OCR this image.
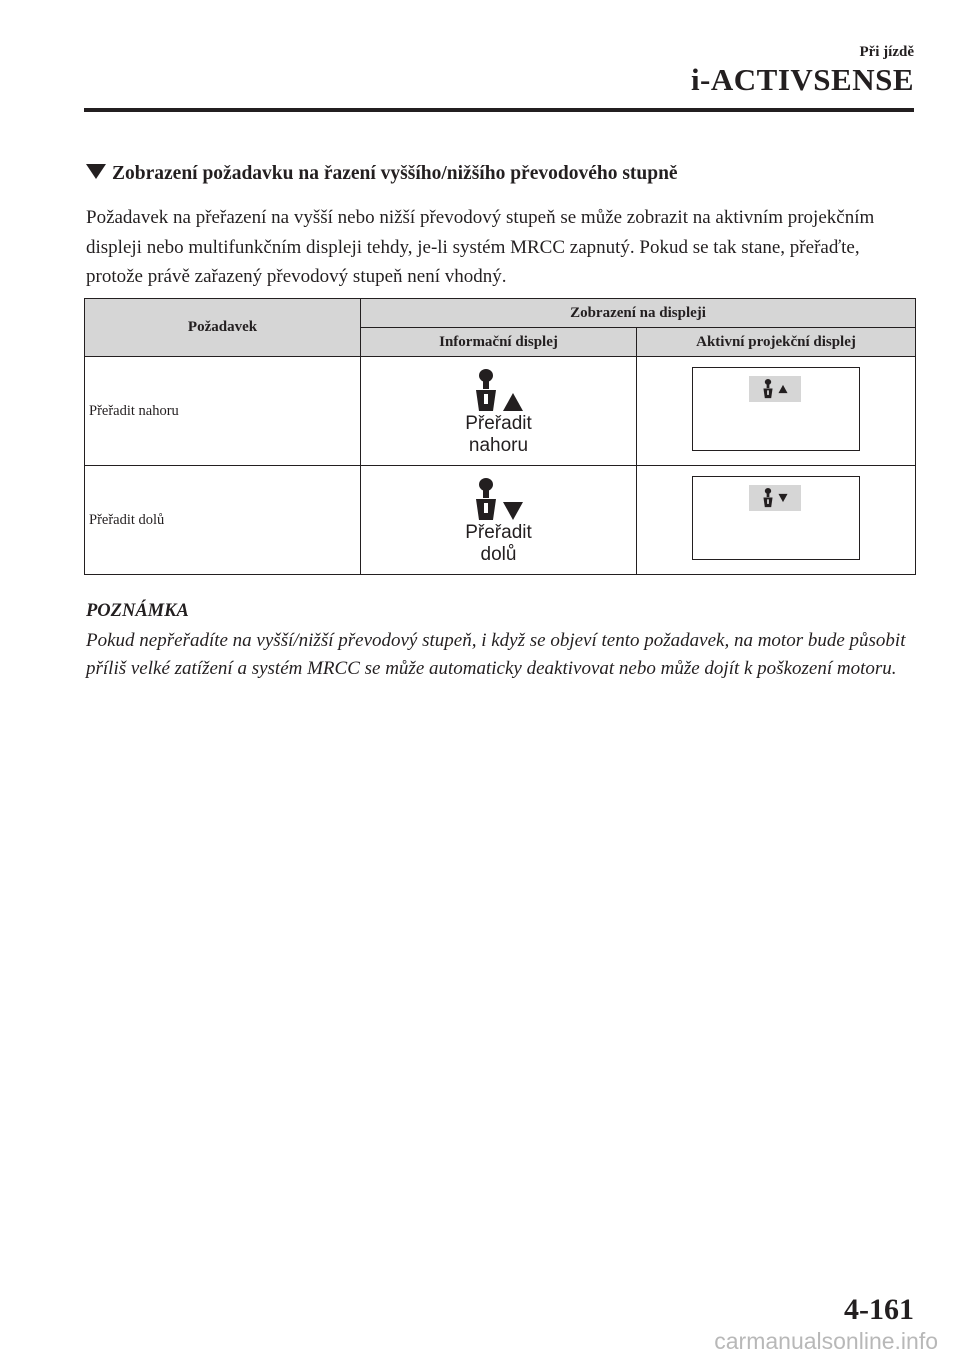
Při jízdě
i-ACTIVSENSE
Zobrazení požadavku na řazení vyššího/nižšího převodového stupně

Požadavek na přeřazení na vyšší nebo nižší převodový stupeň se může zobrazit na aktivním projekčním displeji nebo multifunkčním displeji tehdy, je-li systém MRCC zapnutý. Pokud se tak stane, přeřaďte, protože právě zařazený převodový stupeň není vhodný.

Požadavek	Zobrazení na displeji	
	Informační displej	Aktivní projekční displej
Přeřadit nahoru	Přeřadit
nahoru

Přeřadit dolů	Přeřadit
dolů

POZNÁMKA

Pokud nepřeřadíte na vyšší/nižší převodový stupeň, i když se objeví tento požadavek, na motor bude působit příliš velké zatížení a systém MRCC se může automaticky deaktivovat nebo může dojít k poškození motoru.

4-161
carmanualsonline.info
